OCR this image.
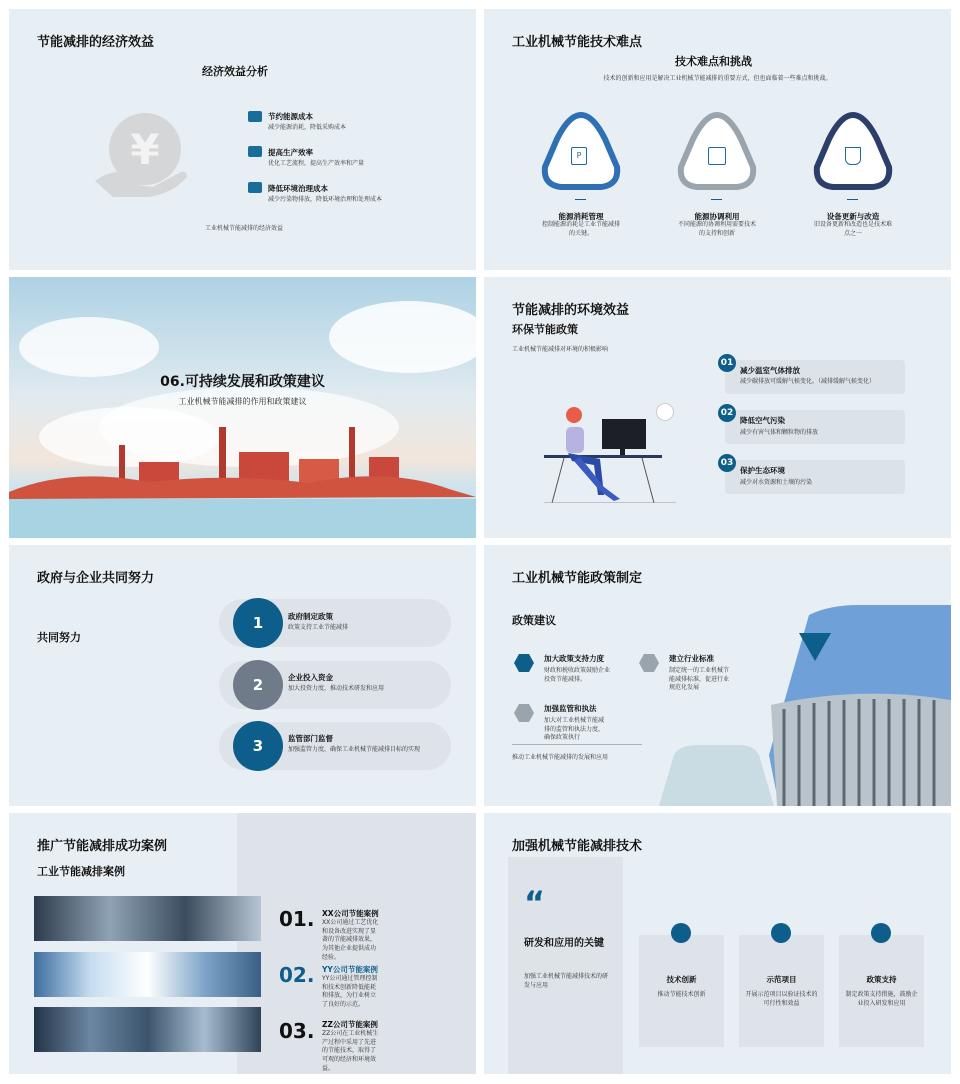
节能减排的经济效益
经济效益分析
¥
节约能源成本
减少能源消耗，降低采购成本
提高生产效率
优化工艺流程，提高生产效率和产量
降低环境治理成本
减少污染物排放，降低环境治理和处理成本
工业机械节能减排的经济效益
工业机械节能技术难点
技术难点和挑战
技术的创新和应用是解决工业机械节能减排的重要方式，但也面临着一些难点和挑战。
P
能源消耗管理
控制能源消耗是工业节能减排的关键。
能源协调利用
不同能源的协调利用需要技术的支持和创新
设备更新与改造
旧设备更新和改造也是技术难点之一
06.可持续发展和政策建议
工业机械节能减排的作用和政策建议
节能减排的环境效益
环保节能政策
工业机械节能减排对环境的积极影响
01
减少温室气体排放
减少碳排放可缓解气候变化。（减排缓解气候变化）
02
降低空气污染
减少有害气体和颗粒物的排放
03
保护生态环境
减少对水资源和土壤的污染
政府与企业共同努力
共同努力
1	政府制定政策
政策支持工业节能减排
2	企业投入资金
加大投资力度，推动技术研发和应用
3	监管部门监督
加强监管力度，确保工业机械节能减排目标的实现
工业机械节能政策制定
政策建议
加大政策支持力度
财政和税收政策鼓励企业投资节能减排。
建立行业标准
制定统一的工业机械节能减排标准，促进行业规范化发展
加强监管和执法
加大对工业机械节能减排的监管和执法力度，确保政策执行
推动工业机械节能减排的发展和应用
推广节能减排成功案例
工业节能减排案例
01. XX公司节能案例
XX公司通过工艺优化和设备改进实现了显著的节能减排效果，为其他企业提供成功经验。
02. YY公司节能案例
YY公司通过管理控制和技术创新降低能耗和排放，为行业树立了良好的示范。
03. ZZ公司节能案例
ZZ公司在工业机械生产过程中采用了先进的节能技术，取得了可观的经济和环境效益。
加强机械节能减排技术
“
研发和应用的关键
加强工业机械节能减排技术的研发与应用
技术创新
推动节能技术创新
示范项目
开展示范项目以验证技术的可行性和效益
政策支持
制定政策支持措施，鼓励企业投入研发和应用
